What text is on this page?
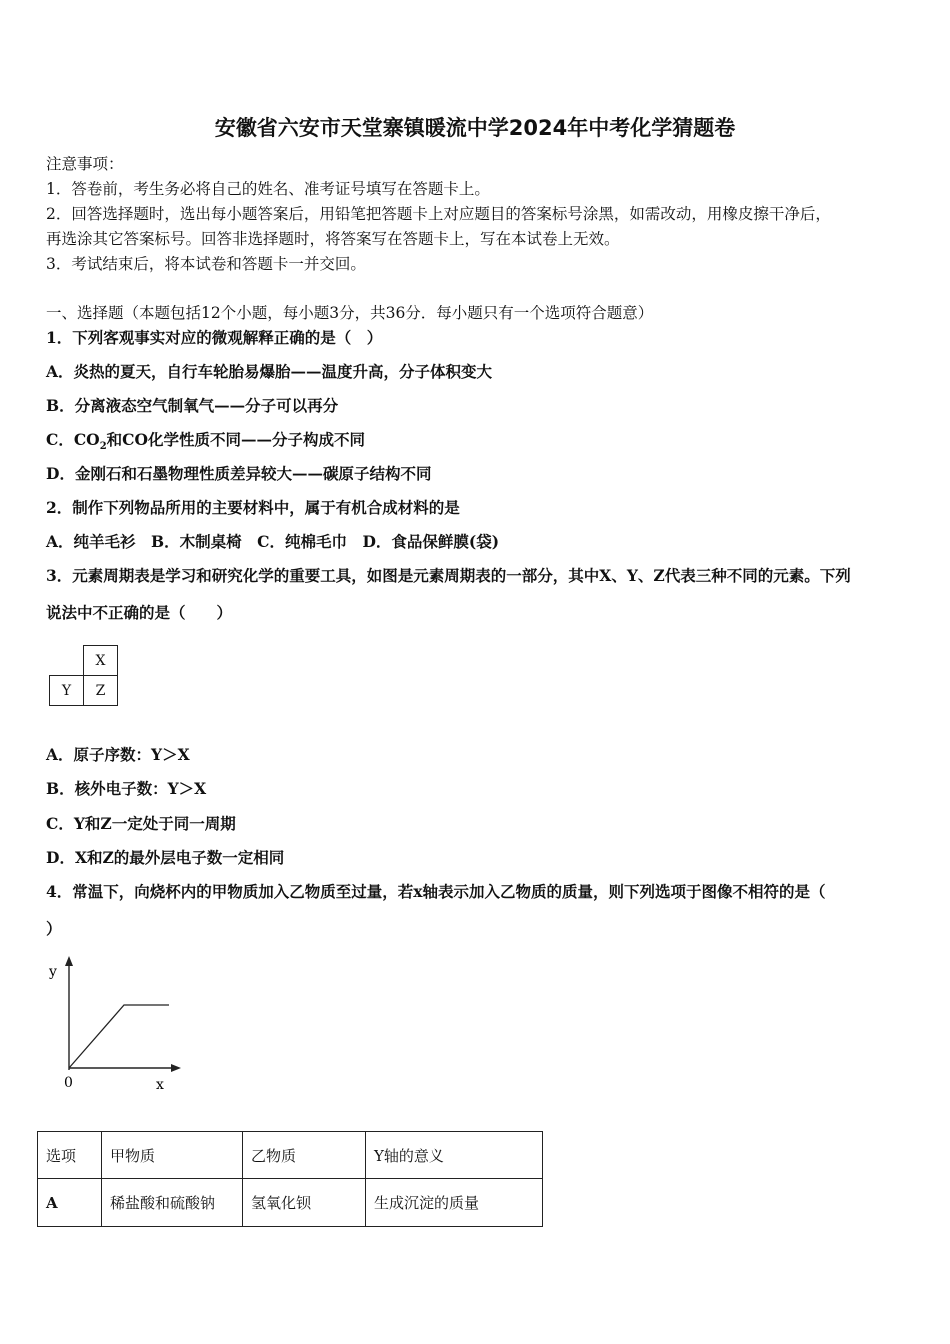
安徽省六安市天堂寨镇暖流中学2024年中考化学猜题卷
注意事项：
1．答卷前，考生务必将自己的姓名、准考证号填写在答题卡上。
2．回答选择题时，选出每小题答案后，用铅笔把答题卡上对应题目的答案标号涂黑，如需改动，用橡皮擦干净后，
再选涂其它答案标号。回答非选择题时，将答案写在答题卡上，写在本试卷上无效。
3．考试结束后，将本试卷和答题卡一并交回。
一、选择题（本题包括12个小题，每小题3分，共36分．每小题只有一个选项符合题意）
1．下列客观事实对应的微观解释正确的是（　）
A．炎热的夏天，自行车轮胎易爆胎——温度升高，分子体积变大
B．分离液态空气制氧气——分子可以再分
C．$CO_2$和CO化学性质不同——分子构成不同
D．金刚石和石墨物理性质差异较大——碳原子结构不同
2．制作下列物品所用的主要材料中，属于有机合成材料的是
A．纯羊毛衫　B．木制桌椅　C．纯棉毛巾　D．食品保鲜膜(袋)
3．元素周期表是学习和研究化学的重要工具，如图是元素周期表的一部分，其中X、Y、Z代表三种不同的元素。下列
说法中不正确的是（　　）
	X
Y	Z
A．原子序数：Y＞X
B．核外电子数：Y＞X
C．Y和Z一定处于同一周期
D．X和Z的最外层电子数一定相同
4．常温下，向烧杯内的甲物质加入乙物质至过量，若x轴表示加入乙物质的质量，则下列选项于图像不相符的是（
）
y
x
0
选项	甲物质	乙物质	Y轴的意义
A	稀盐酸和硫酸钠	氢氧化钡	生成沉淀的质量
